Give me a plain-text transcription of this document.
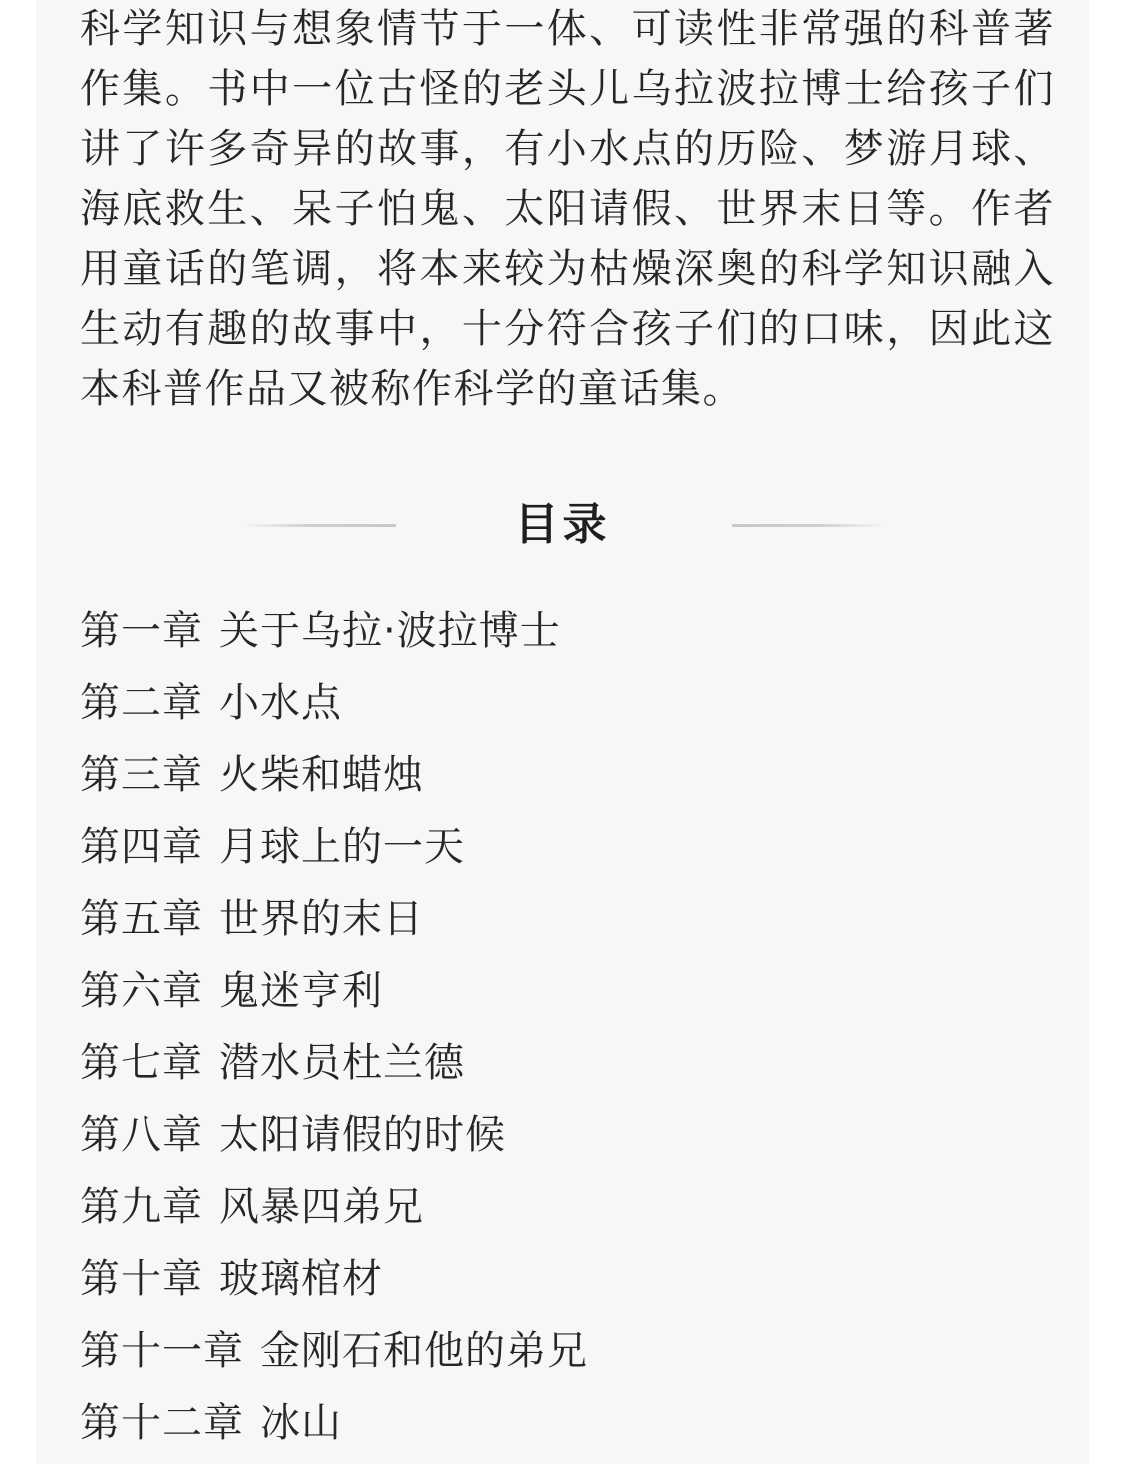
科学知识与想象情节于一体、可读性非常强的科普著作集。书中一位古怪的老头儿乌拉波拉博士给孩子们讲了许多奇异的故事，有小水点的历险、梦游月球、海底救生、呆子怕鬼、太阳请假、世界末日等。作者用童话的笔调，将本来较为枯燥深奥的科学知识融入生动有趣的故事中，十分符合孩子们的口味，因此这本科普作品又被称作科学的童话集。

目录
第一章 关于乌拉·波拉博士
第二章 小水点
第三章 火柴和蜡烛
第四章 月球上的一天
第五章 世界的末日
第六章 鬼迷亨利
第七章 潜水员杜兰德
第八章 太阳请假的时候
第九章 风暴四弟兄
第十章 玻璃棺材
第十一章 金刚石和他的弟兄
第十二章 冰山
